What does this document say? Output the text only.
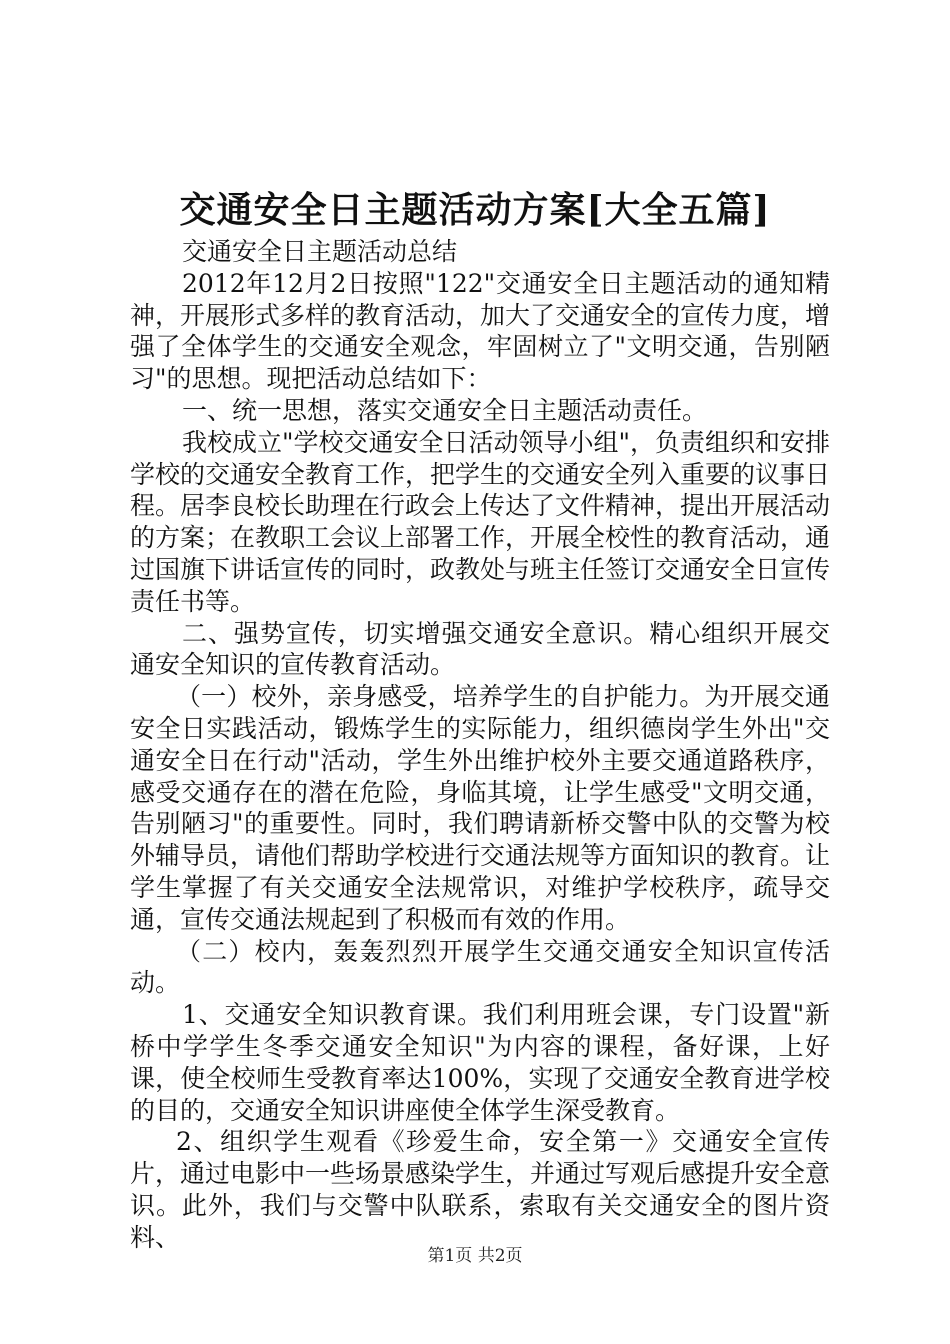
交通安全日主题活动方案[大全五篇]

交通安全日主题活动总结

2012年12月2日按照"122"交通安全日主题活动的通知精神，开展形式多样的教育活动，加大了交通安全的宣传力度，增强了全体学生的交通安全观念，牢固树立了"文明交通，告别陋习"的思想。现把活动总结如下：

一、统一思想，落实交通安全日主题活动责任。

我校成立"学校交通安全日活动领导小组"，负责组织和安排学校的交通安全教育工作，把学生的交通安全列入重要的议事日程。居李良校长助理在行政会上传达了文件精神，提出开展活动的方案；在教职工会议上部署工作，开展全校性的教育活动，通过国旗下讲话宣传的同时，政教处与班主任签订交通安全日宣传责任书等。

二、强势宣传，切实增强交通安全意识。精心组织开展交通安全知识的宣传教育活动。

（一）校外，亲身感受，培养学生的自护能力。为开展交通安全日实践活动，锻炼学生的实际能力，组织德岗学生外出"交通安全日在行动"活动，学生外出维护校外主要交通道路秩序，感受交通存在的潜在危险，身临其境，让学生感受"文明交通，告别陋习"的重要性。同时，我们聘请新桥交警中队的交警为校外辅导员，请他们帮助学校进行交通法规等方面知识的教育。让学生掌握了有关交通安全法规常识，对维护学校秩序，疏导交通，宣传交通法规起到了积极而有效的作用。

（二）校内，轰轰烈烈开展学生交通交通安全知识宣传活动。

1、交通安全知识教育课。我们利用班会课，专门设置"新桥中学学生冬季交通安全知识"为内容的课程，备好课，上好课，使全校师生受教育率达100%，实现了交通安全教育进学校的目的，交通安全知识讲座使全体学生深受教育。

2、组织学生观看《珍爱生命，安全第一》交通安全宣传片，通过电影中一些场景感染学生，并通过写观后感提升安全意识。此外，我们与交警中队联系，索取有关交通安全的图片资料、

第1页 共2页
